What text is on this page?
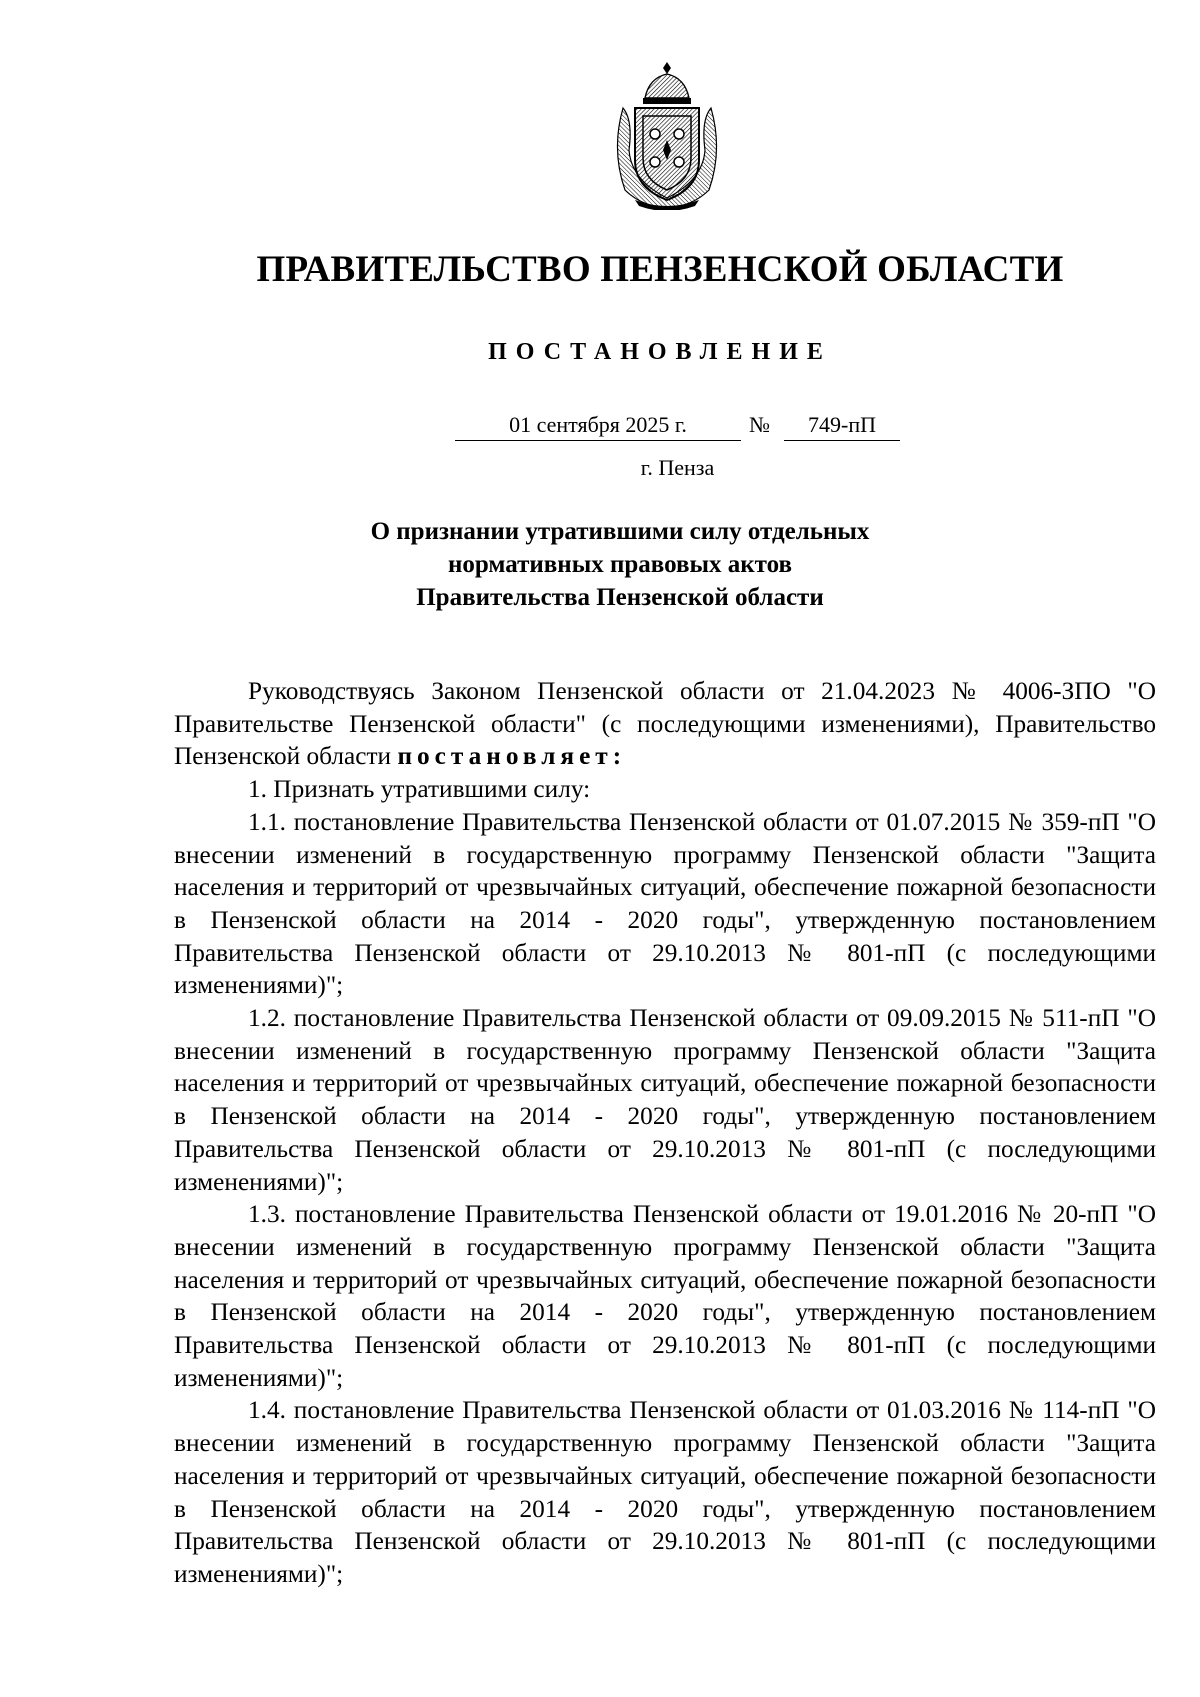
ПРАВИТЕЛЬСТВО ПЕНЗЕНСКОЙ ОБЛАСТИ
ПОСТАНОВЛЕНИЕ
01 сентября 2025 г.	№	749-пП
г. Пенза
О признании утратившими силу отдельных
нормативных правовых актов
Правительства Пензенской области

Руководствуясь Законом Пензенской области от 21.04.2023 № 4006-ЗПО "О Правительстве Пензенской области" (с последующими изменениями), Правительство Пензенской области постановляет:

1. Признать утратившими силу:

1.1. постановление Правительства Пензенской области от 01.07.2015 № 359-пП "О внесении изменений в государственную программу Пензенской области "Защита населения и территорий от чрезвычайных ситуаций, обеспечение пожарной безопасности в Пензенской области на 2014 - 2020 годы", утвержденную постановлением Правительства Пензенской области от 29.10.2013 № 801-пП (с последующими изменениями)";

1.2. постановление Правительства Пензенской области от 09.09.2015 № 511-пП "О внесении изменений в государственную программу Пензенской области "Защита населения и территорий от чрезвычайных ситуаций, обеспечение пожарной безопасности в Пензенской области на 2014 - 2020 годы", утвержденную постановлением Правительства Пензенской области от 29.10.2013 № 801-пП (с последующими изменениями)";

1.3. постановление Правительства Пензенской области от 19.01.2016 № 20-пП "О внесении изменений в государственную программу Пензенской области "Защита населения и территорий от чрезвычайных ситуаций, обеспечение пожарной безопасности в Пензенской области на 2014 - 2020 годы", утвержденную постановлением Правительства Пензенской области от 29.10.2013 № 801-пП (с последующими изменениями)";

1.4. постановление Правительства Пензенской области от 01.03.2016 № 114-пП "О внесении изменений в государственную программу Пензенской области "Защита населения и территорий от чрезвычайных ситуаций, обеспечение пожарной безопасности в Пензенской области на 2014 - 2020 годы", утвержденную постановлением Правительства Пензенской области от 29.10.2013 № 801-пП (с последующими изменениями)";
